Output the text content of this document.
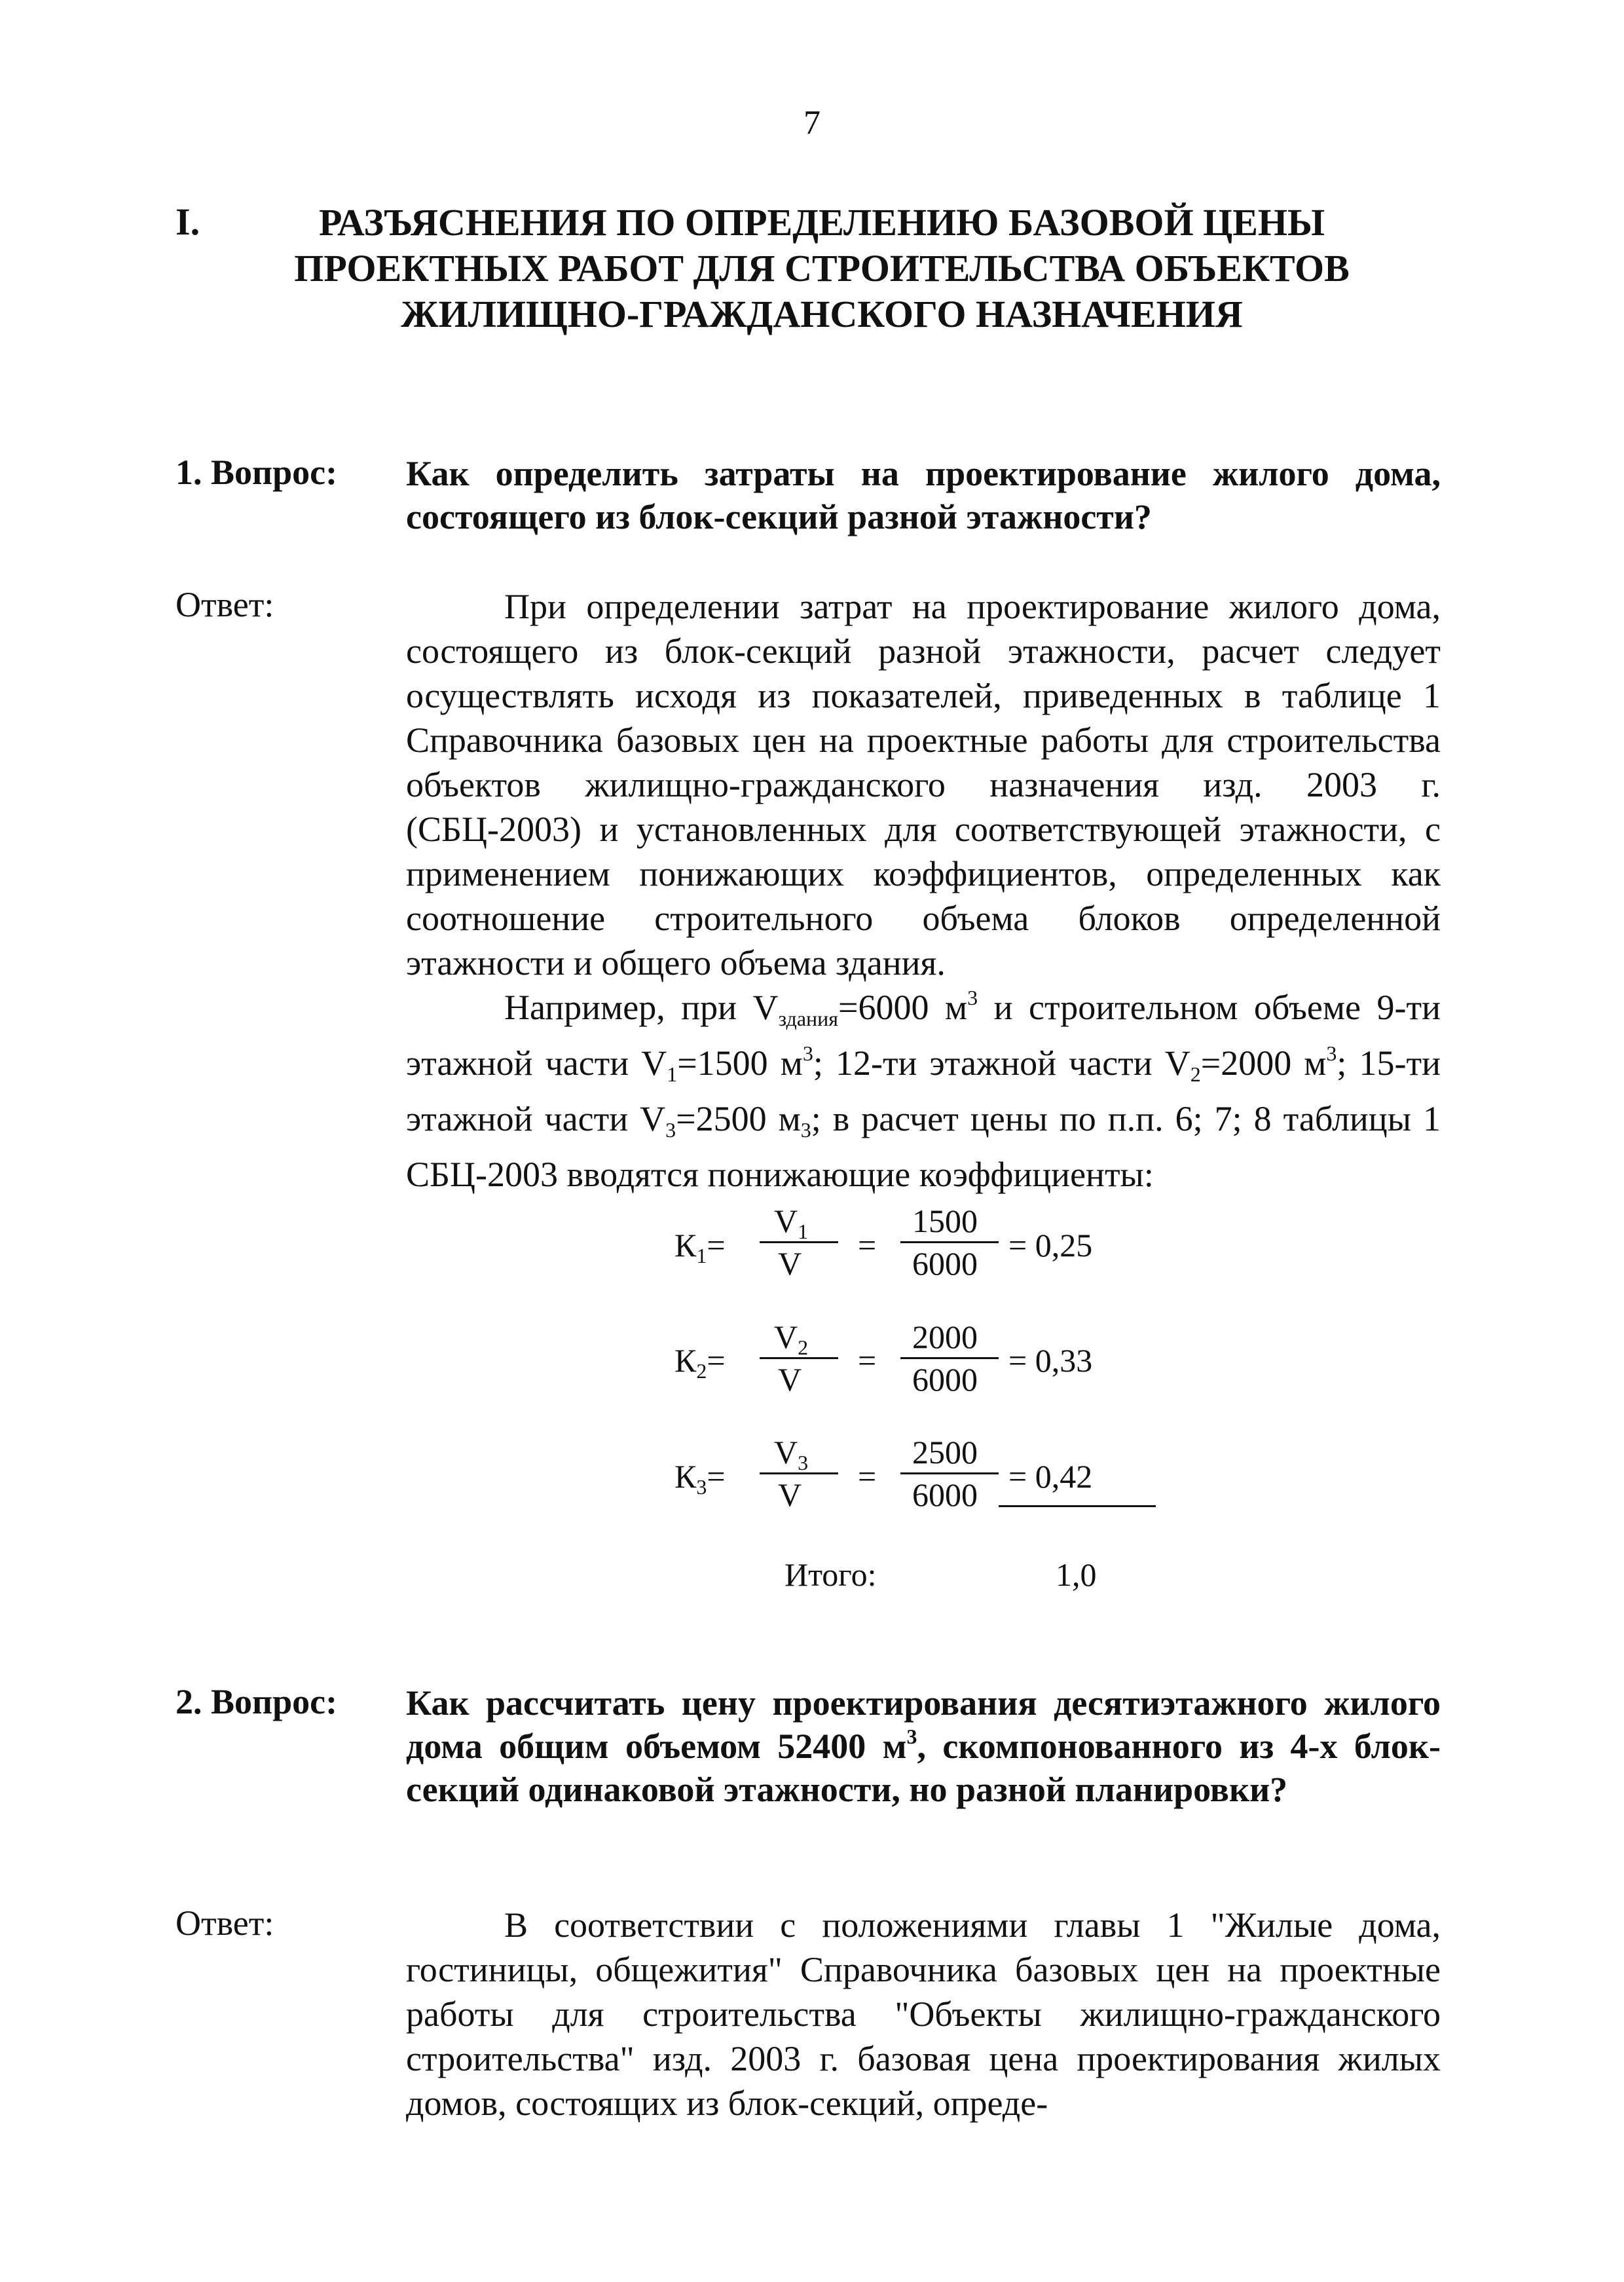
7
I.	РАЗЪЯСНЕНИЯ ПО ОПРЕДЕЛЕНИЮ БАЗОВОЙ ЦЕНЫ
ПРОЕКТНЫХ РАБОТ ДЛЯ СТРОИТЕЛЬСТВА ОБЪЕКТОВ
ЖИЛИЩНО-ГРАЖДАНСКОГО НАЗНАЧЕНИЯ
1. Вопрос: Как определить затраты на проектирование жилого дома, состоящего из блок-секций разной этажности?
Ответ:	При определении затрат на проектирование жилого дома, состоящего из блок-секций разной этажности, расчет следует осуществлять исходя из показателей, приведенных в таблице 1 Справочника базовых цен на проектные работы для строительства объектов жилищно-гражданского назначения изд. 2003 г. (СБЦ-2003) и установленных для соответствующей этажности, с применением понижающих коэффициентов, определенных как соотношение строительного объема блоков определенной этажности и общего объема здания.

Например, при $V_{здания}=6000$ $м^3$ и строительном объеме 9-ти этажной части $V_1=1500$ $м^3$; 12-ти этажной части $V_2=2000$ $м^3$; 15-ти этажной части $V_3=2500$ $м_3$; в расчет цены по п.п. 6; 7; 8 таблицы 1 СБЦ-2003 вводятся понижающие коэффициенты:

$К_1=$
$V_1$
V =
1500
6000 = 0,25
$К_2=$
$V_2$
V
=
2000
6000
= 0,33
$К_3=$
$V_3$
V =
2500
6000 = 0,42
Итого:	1,0
2. Вопрос: Как рассчитать цену проектирования десятиэтажного жилого дома общим объемом 52400 $м^3$, скомпонованного из 4-х блок-секций одинаковой этажности, но разной планировки?
Ответ:	В соответствии с положениями главы 1 "Жилые дома, гостиницы, общежития" Справочника базовых цен на проектные работы для строительства "Объекты жилищно-гражданского строительства" изд. 2003 г. базовая цена проектирования жилых домов, состоящих из блок-секций, опреде-
